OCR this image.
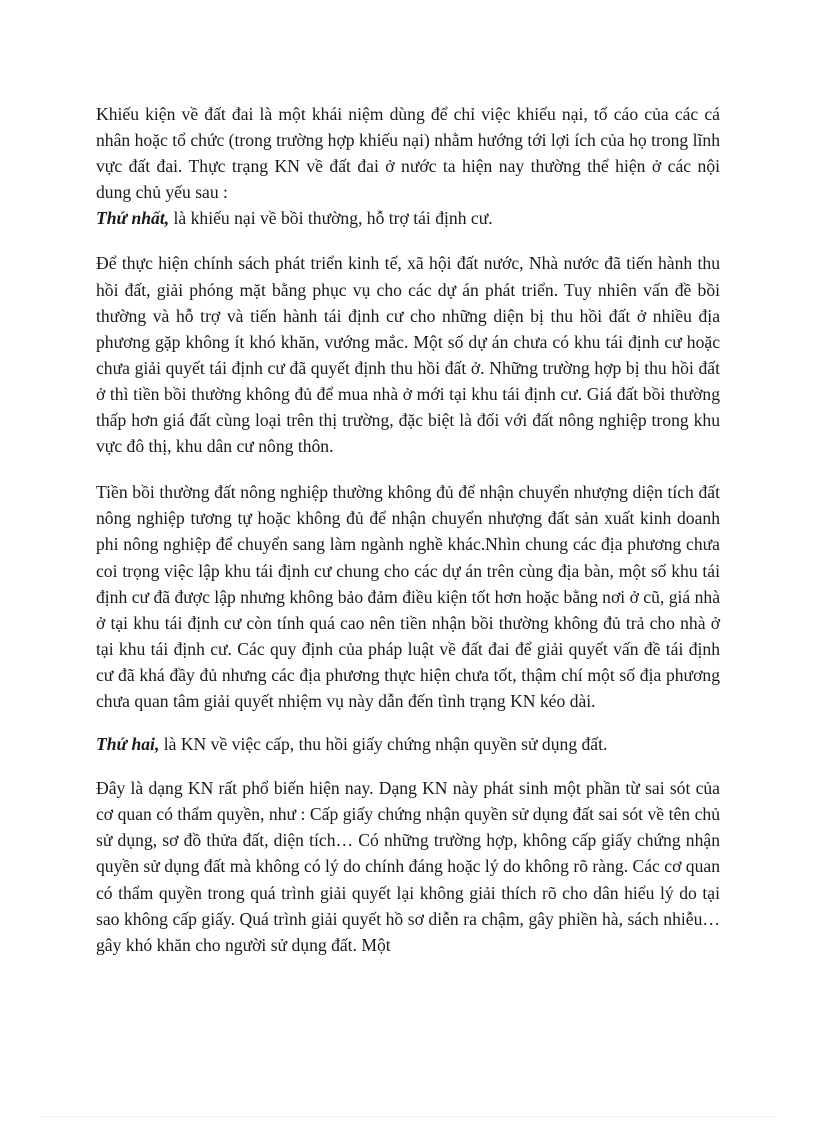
Khiếu kiện về đất đai là một khái niệm dùng để chỉ việc khiếu nại, tố cáo của các cá nhân hoặc tổ chức (trong trường hợp khiếu nại) nhằm hướng tới lợi ích của họ trong lĩnh vực đất đai. Thực trạng KN về đất đai ở nước ta hiện nay thường thể hiện ở các nội dung chủ yếu sau :

Thứ nhất, là khiếu nại về bồi thường, hỗ trợ tái định cư.

Để thực hiện chính sách phát triển kinh tế, xã hội đất nước, Nhà nước đã tiến hành thu hồi đất, giải phóng mặt bằng phục vụ cho các dự án phát triển. Tuy nhiên vấn đề bồi thường và hỗ trợ và tiến hành tái định cư cho những diện bị thu hồi đất ở nhiều địa phương gặp không ít khó khăn, vướng mắc. Một số dự án chưa có khu tái định cư hoặc chưa giải quyết tái định cư đã quyết định thu hồi đất ở. Những trường hợp bị thu hồi đất ở thì tiền bồi thường không đủ để mua nhà ở mới tại khu tái định cư. Giá đất bồi thường thấp hơn giá đất cùng loại trên thị trường, đặc biệt là đối với đất nông nghiệp trong khu vực đô thị, khu dân cư nông thôn.

Tiền bồi thường đất nông nghiệp thường không đủ để nhận chuyển nhượng diện tích đất nông nghiệp tương tự hoặc không đủ để nhận chuyển nhượng đất sản xuất kinh doanh phi nông nghiệp để chuyển sang làm ngành nghề khác.Nhìn chung các địa phương chưa coi trọng việc lập khu tái định cư chung cho các dự án trên cùng địa bàn, một số khu tái định cư đã được lập nhưng không bảo đảm điều kiện tốt hơn hoặc bằng nơi ở cũ, giá nhà ở tại khu tái định cư còn tính quá cao nên tiền nhận bồi thường không đủ trả cho nhà ở tại khu tái định cư. Các quy định của pháp luật về đất đai để giải quyết vấn đề tái định cư đã khá đầy đủ nhưng các địa phương thực hiện chưa tốt, thậm chí một số địa phương chưa quan tâm giải quyết nhiệm vụ này dẫn đến tình trạng KN kéo dài.

Thứ hai, là KN về việc cấp, thu hồi giấy chứng nhận quyền sử dụng đất.

Đây là dạng KN rất phổ biến hiện nay. Dạng KN này phát sinh một phần từ sai sót của cơ quan có thẩm quyền, như : Cấp giấy chứng nhận quyền sử dụng đất sai sót về tên chủ sử dụng, sơ đồ thửa đất, diện tích… Có những trường hợp, không cấp giấy chứng nhận quyền sử dụng đất mà không có lý do chính đáng hoặc lý do không rõ ràng. Các cơ quan có thẩm quyền trong quá trình giải quyết lại không giải thích rõ cho dân hiểu lý do tại sao không cấp giấy. Quá trình giải quyết hồ sơ diễn ra chậm, gây phiền hà, sách nhiễu… gây khó khăn cho người sử dụng đất. Một
